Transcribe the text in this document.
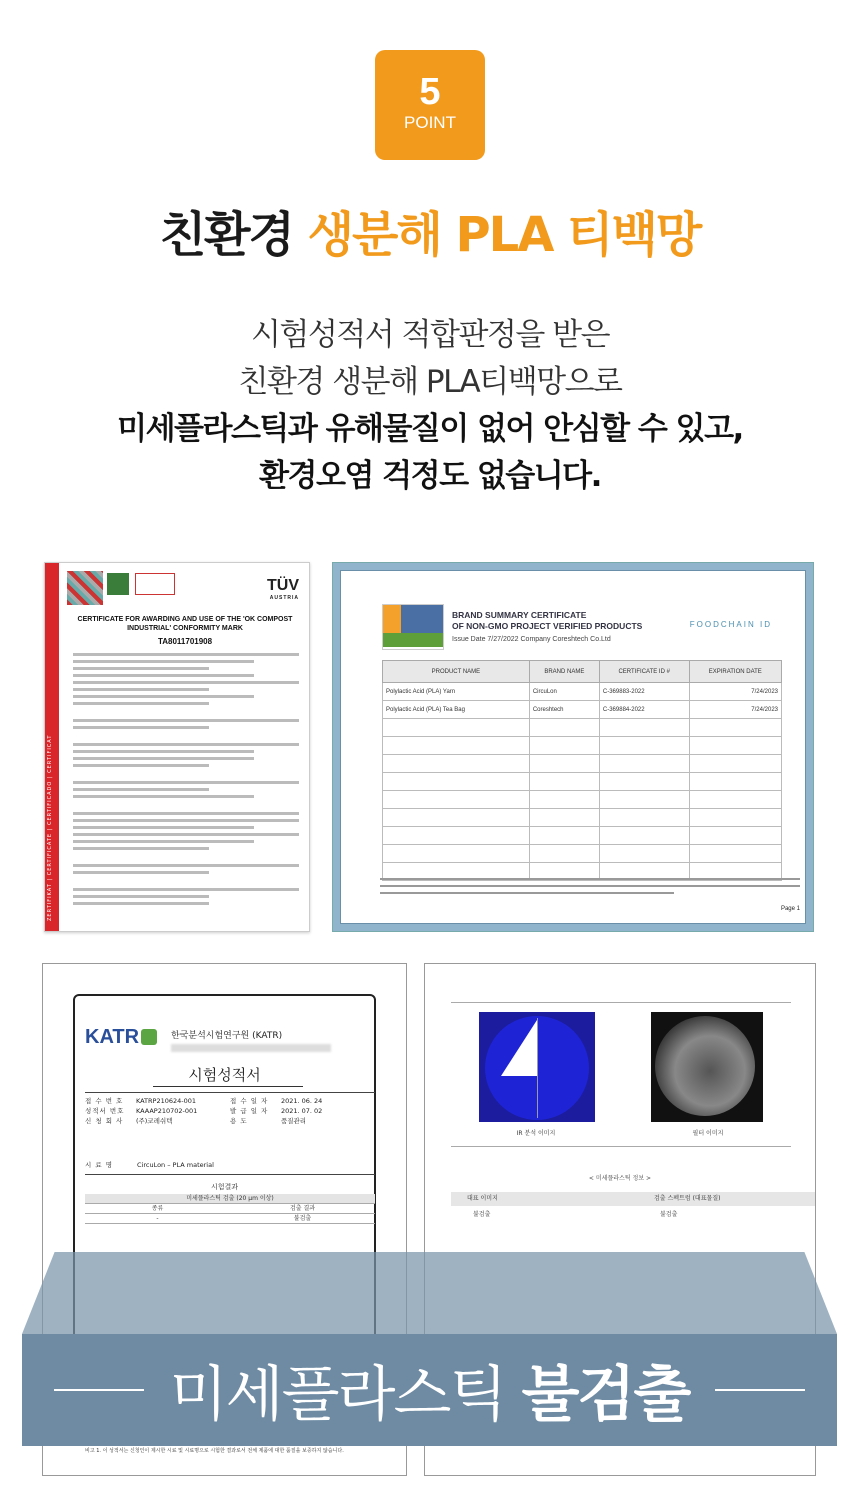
5
POINT
친환경 생분해 PLA 티백망
시험성적서 적합판정을 받은
친환경 생분해 PLA티백망으로
미세플라스틱과 유해물질이 없어 안심할 수 있고,
환경오염 걱정도 없습니다.
ZERTIFIKAT | CERTIFICATE | CERTIFICADO | CERTIFICAT
TÜV
AUSTRIA
CERTIFICATE FOR AWARDING AND USE OF THE 'OK COMPOST INDUSTRIAL' CONFORMITY MARK
TA8011701908
BRAND SUMMARY CERTIFICATE
OF NON-GMO PROJECT VERIFIED PRODUCTS
Issue Date 7/27/2022 Company Coreshtech Co.Ltd
FOODCHAIN ID
PRODUCT NAME	BRAND NAME	CERTIFICATE ID #	EXPIRATION DATE
Polylactic Acid (PLA) Yarn	CircuLon	C-369883-2022	7/24/2023
Polylactic Acid (PLA) Tea Bag	Coreshtech	C-369884-2022	7/24/2023

Page 1
KATR	한국분석시험연구원 (KATR)
시험성적서
접 수 번 호	KATRP210624-001	접 수 일 자	2021. 06. 24
성적서 번호	KAAAP210702-001	발 급 일 자	2021. 07. 02
신 청 회 사	(주)코레쉬텍	용 도	품질관리
시 료 명	CircuLon – PLA material
시험결과
미세플라스틱 검출 (20 μm 이상)
종류	검출 결과
-	불검출
비고 1. 이 성적서는 신청인이 제시한 시료 및 시료명으로 시험한 결과로서 전체 제품에 대한 품질을 보증하지 않습니다.
IR 분석 이미지	필터 이미지
< 미세플라스틱 정보 >
대표 이미지	검출 스펙트럼 (대표물질)
불검출	불검출
미세플라스틱 불검출
